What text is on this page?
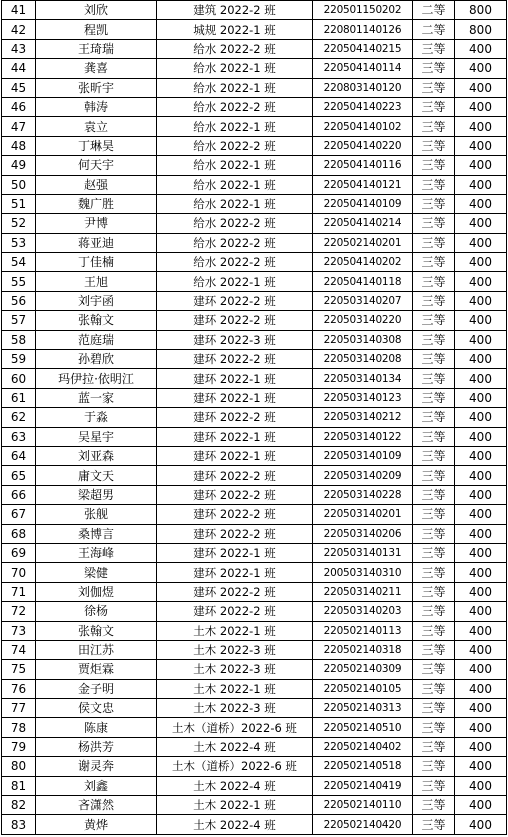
41	刘欣	建筑 2022-2 班	220501150202	二等	800
42	程凯	城规 2022-1 班	220801140126	二等	800
43	王琦瑞	给水 2022-2 班	220504140215	三等	400
44	龚喜	给水 2022-1 班	220504140114	三等	400
45	张昕宇	给水 2022-1 班	220803140120	三等	400
46	韩涛	给水 2022-2 班	220504140223	三等	400
47	袁立	给水 2022-1 班	220504140102	三等	400
48	丁琳昊	给水 2022-2 班	220504140220	三等	400
49	何天宇	给水 2022-1 班	220504140116	三等	400
50	赵强	给水 2022-1 班	220504140121	三等	400
51	魏广胜	给水 2022-1 班	220504140109	三等	400
52	尹博	给水 2022-2 班	220504140214	三等	400
53	蒋亚迪	给水 2022-2 班	220502140201	三等	400
54	丁佳楠	给水 2022-2 班	220504140202	三等	400
55	王旭	给水 2022-1 班	220504140118	三等	400
56	刘宇函	建环 2022-2 班	220503140207	三等	400
57	张翰文	建环 2022-2 班	220503140220	三等	400
58	范庭瑞	建环 2022-3 班	220503140308	三等	400
59	孙碧欣	建环 2022-2 班	220503140208	三等	400
60	玛伊拉·依明江	建环 2022-1 班	220503140134	三等	400
61	蓝一家	建环 2022-1 班	220503140123	三等	400
62	于淼	建环 2022-2 班	220503140212	三等	400
63	吴星宇	建环 2022-1 班	220503140122	三等	400
64	刘亚森	建环 2022-1 班	220503140109	三等	400
65	庸文天	建环 2022-2 班	220503140209	三等	400
66	梁超男	建环 2022-2 班	220503140228	三等	400
67	张舰	建环 2022-2 班	220503140201	三等	400
68	桑博言	建环 2022-2 班	220503140206	三等	400
69	王海峰	建环 2022-1 班	220503140131	三等	400
70	梁健	建环 2022-1 班	200503140310	三等	400
71	刘伽煜	建环 2022-2 班	220503140211	三等	400
72	徐杨	建环 2022-2 班	220503140203	三等	400
73	张翰文	土木 2022-1 班	220502140113	三等	400
74	田江苏	土木 2022-3 班	220502140318	三等	400
75	贾炬霖	土木 2022-3 班	220502140309	三等	400
76	金子明	土木 2022-1 班	220502140105	三等	400
77	侯文忠	土木 2022-3 班	220502140313	三等	400
78	陈康	土木（道桥）2022-6 班	220502140510	三等	400
79	杨洪芳	土木 2022-4 班	220502140402	三等	400
80	谢灵奔	土木（道桥）2022-6 班	220502140518	三等	400
81	刘鑫	土木 2022-4 班	220502140419	三等	400
82	吝潇然	土木 2022-1 班	220502140110	三等	400
83	黄烨	土木 2022-4 班	220502140420	三等	400
